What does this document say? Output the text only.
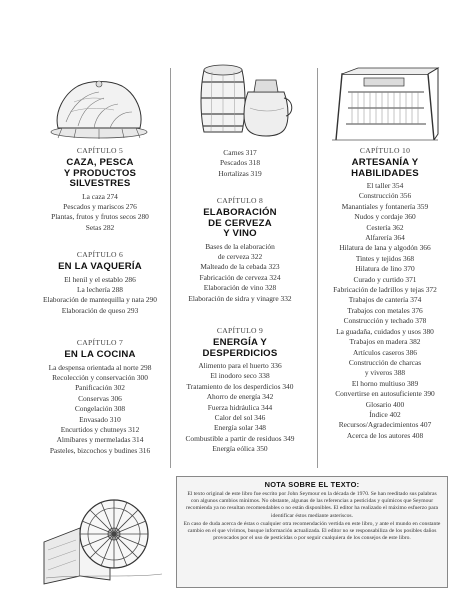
CAPÍTULO 5

CAZA, PESCA
Y PRODUCTOS
SILVESTRES

La caza 274

Pescados y mariscos 276

Plantas, frutos y frutos secos 280

Setas 282

CAPÍTULO 6

EN LA VAQUERÍA

El henil y el establo 286

La lechería 288

Elaboración de mantequilla y nata 290

Elaboración de queso 293

CAPÍTULO 7

EN LA COCINA

La despensa orientada al norte 298

Recolección y conservación 300

Panificación 302

Conservas 306

Congelación 308

Envasado 310

Encurtidos y chutneys 312

Almíbares y mermeladas 314

Pasteles, bizcochos y budines 316

Carnes 317

Pescados 318

Hortalizas 319

CAPÍTULO 8

ELABORACIÓN
DE CERVEZA
Y VINO

Bases de la elaboración

de cerveza 322

Malteado de la cebada 323

Fabricación de cerveza 324

Elaboración de vino 328

Elaboración de sidra y vinagre 332

CAPÍTULO 9

ENERGÍA Y
DESPERDICIOS

Alimento para el huerto 336

El inodoro seco 338

Tratamiento de los desperdicios 340

Ahorro de energía 342

Fuerza hidráulica 344

Calor del sol 346

Energía solar 348

Combustible a partir de residuos 349

Energía eólica 350

CAPÍTULO 10

ARTESANÍA Y
HABILIDADES

El taller 354

Construcción 356

Manantiales y fontanería 359

Nudos y cordaje 360

Cestería 362

Alfarería 364

Hilatura de lana y algodón 366

Tintes y tejidos 368

Hilatura de lino 370

Curado y curtido 371

Fabricación de ladrillos y tejas 372

Trabajos de cantería 374

Trabajos con metales 376

Construcción y techado 378

La guadaña, cuidados y usos 380

Trabajos en madera 382

Artículos caseros 386

Construcción de charcas

y viveros 388

El horno multiuso 389

Convertirse en autosuficiente 390

Glosario 400

Índice 402

Recursos/Agradecimientos 407

Acerca de los autores 408

NOTA SOBRE EL TEXTO:

El texto original de este libro fue escrito por John Seymour en la década de 1970. Se han reeditado sus palabras con algunos cambios mínimos. No obstante, algunas de las referencias a pesticidas y químicos que Seymour recomienda ya no resultan recomendables o no están disponibles. El editor ha realizado el máximo esfuerzo para identificar éstos mediante asteriscos.

En caso de duda acerca de éstas o cualquier otra recomendación vertida en este libro, y ante el mundo en constante cambio en el que vivimos, busque información actualizada. El editor no se responsabiliza de los posibles daños provocados por el uso de pesticidas o por seguir cualquiera de los consejos de este libro.
